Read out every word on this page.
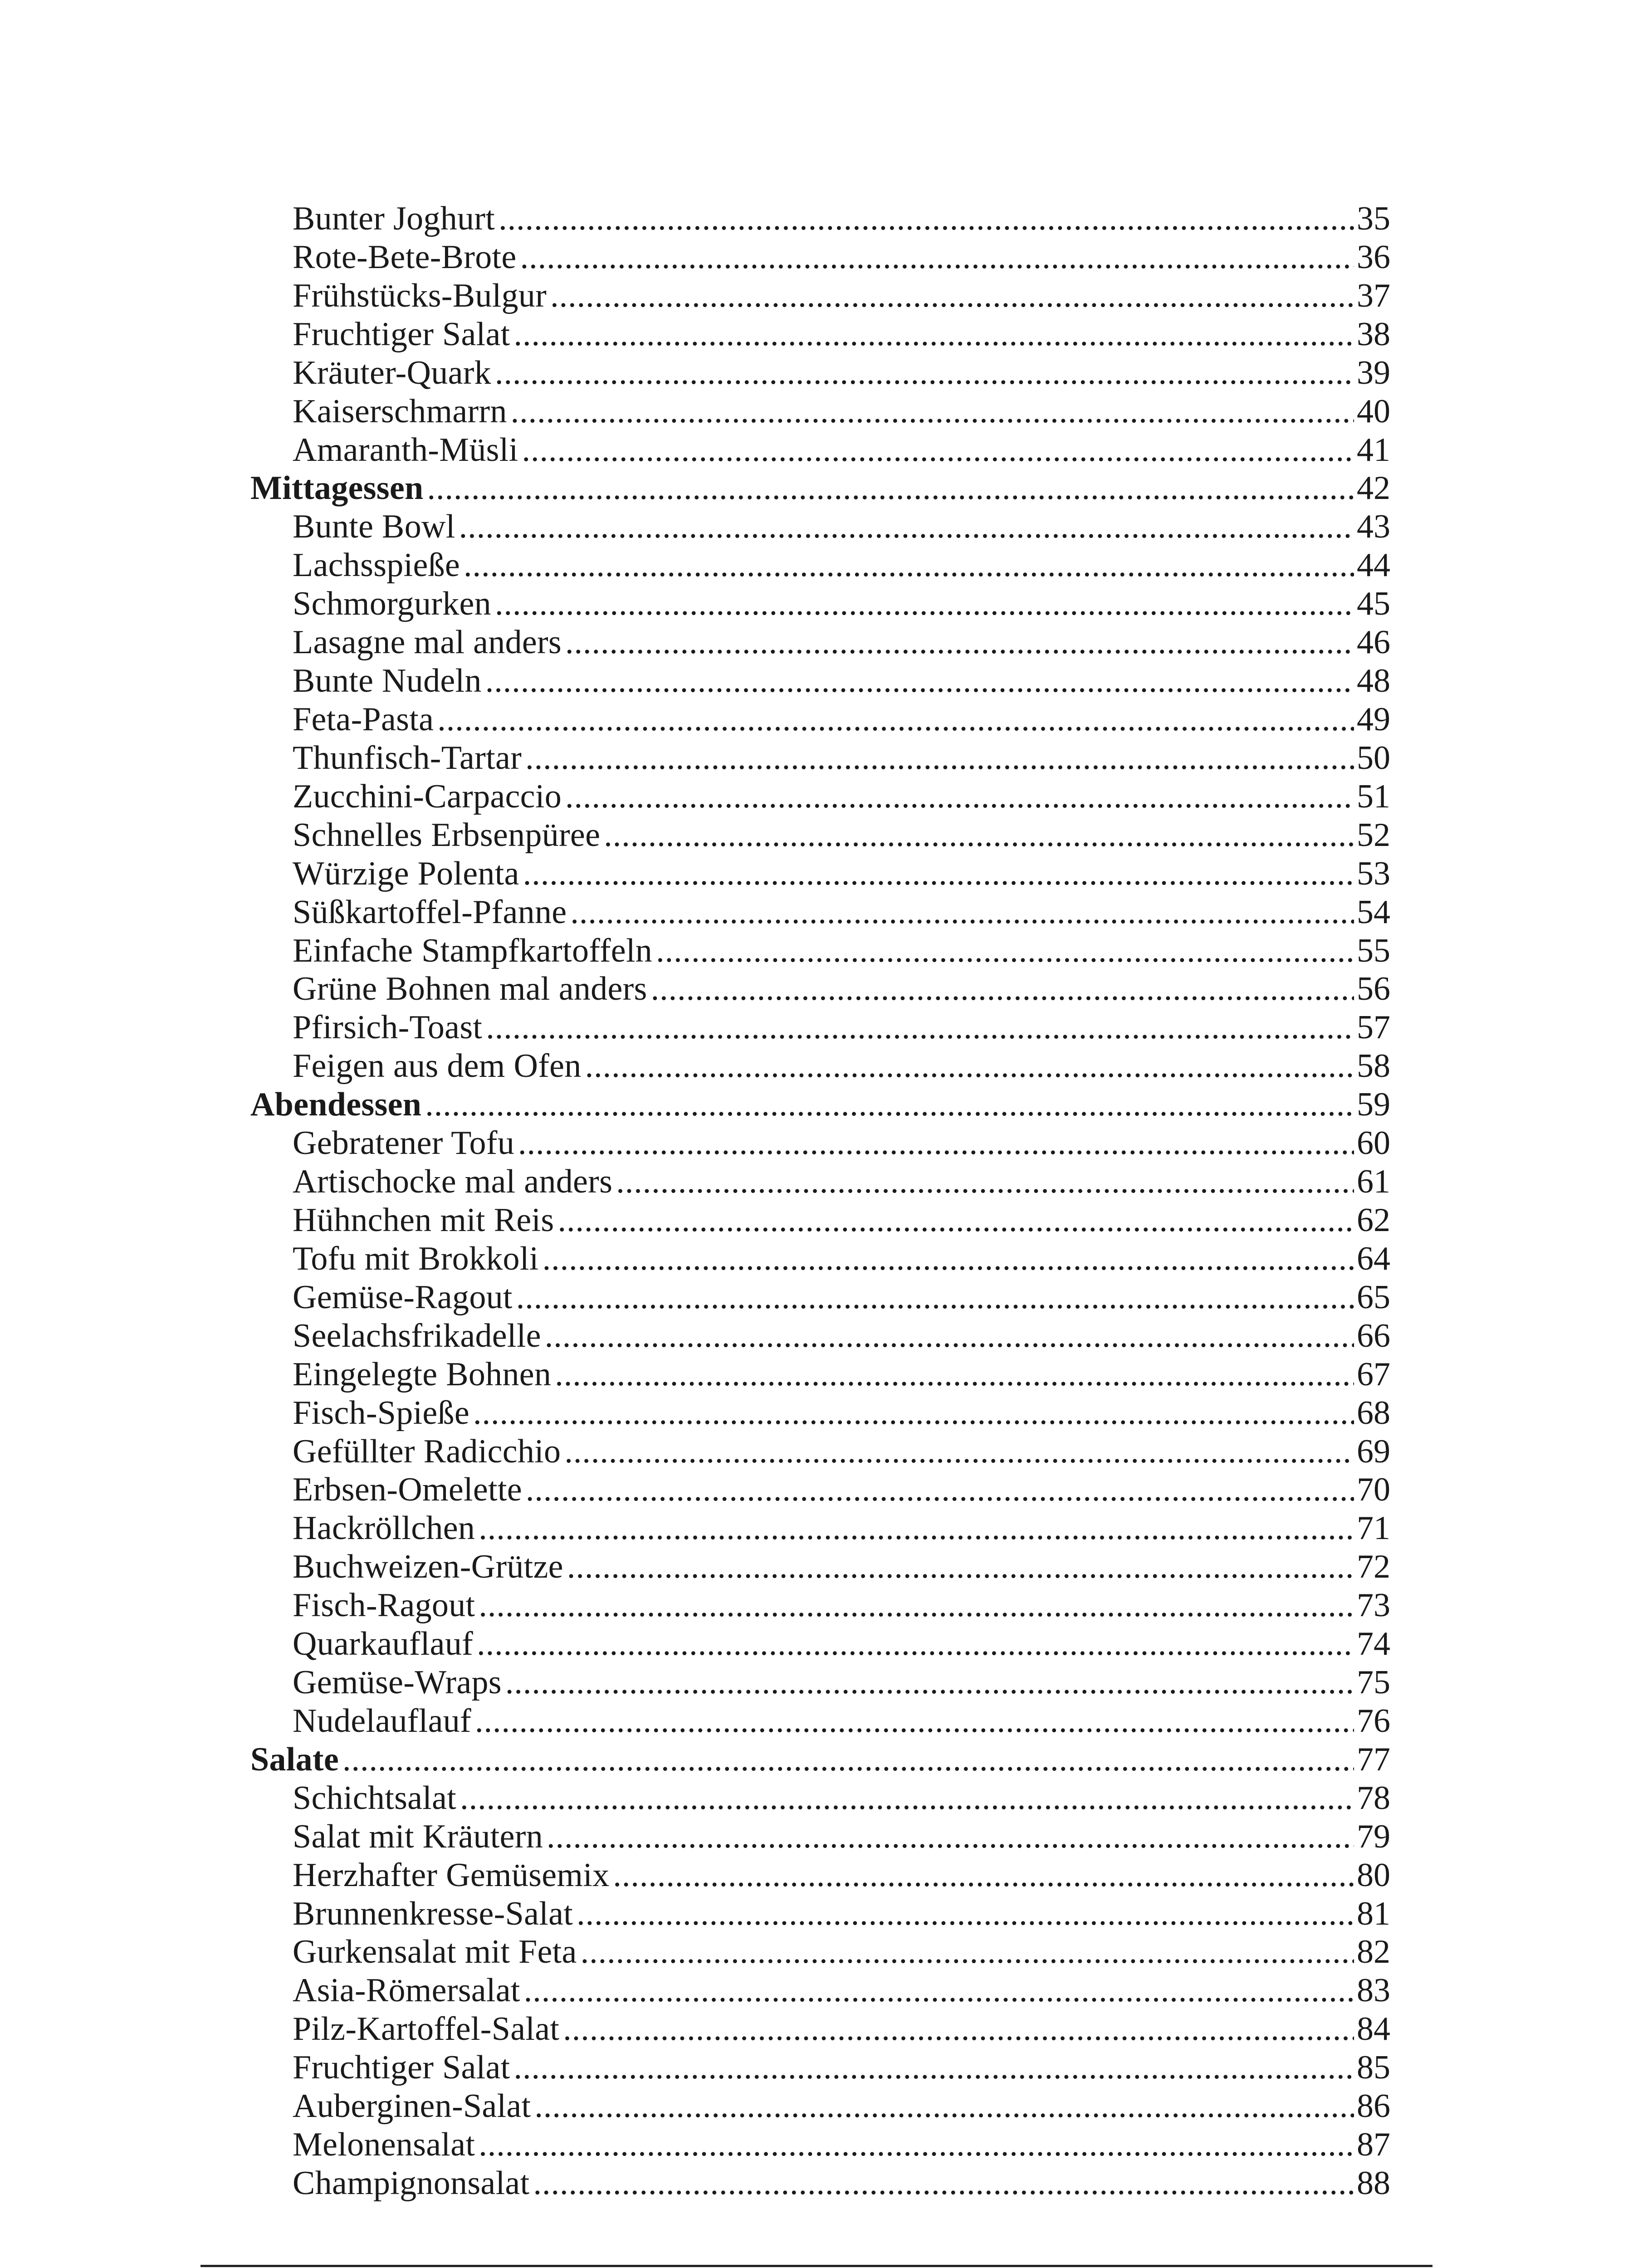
Bunter Joghurt .....	35
Rote-Bete-Brote .....	36
Frühstücks-Bulgur .....	37
Fruchtiger Salat .....	38
Kräuter-Quark .....	39
Kaiserschmarrn .....	40
Amaranth-Müsli .....	41
Mittagessen .....	42
Bunte Bowl .....	43
Lachsspieße .....	44
Schmorgurken .....	45
Lasagne mal anders .....	46
Bunte Nudeln .....	48
Feta-Pasta .....	49
Thunfisch-Tartar .....	50
Zucchini-Carpaccio .....	51
Schnelles Erbsenpüree .....	52
Würzige Polenta .....	53
Süßkartoffel-Pfanne .....	54
Einfache Stampfkartoffeln .....	55
Grüne Bohnen mal anders .....	56
Pfirsich-Toast .....	57
Feigen aus dem Ofen .....	58
Abendessen .....	59
Gebratener Tofu .....	60
Artischocke mal anders .....	61
Hühnchen mit Reis .....	62
Tofu mit Brokkoli .....	64
Gemüse-Ragout .....	65
Seelachsfrikadelle .....	66
Eingelegte Bohnen .....	67
Fisch-Spieße .....	68
Gefüllter Radicchio .....	69
Erbsen-Omelette .....	70
Hackröllchen .....	71
Buchweizen-Grütze .....	72
Fisch-Ragout .....	73
Quarkauflauf .....	74
Gemüse-Wraps .....	75
Nudelauflauf .....	76
Salate .....	77
Schichtsalat .....	78
Salat mit Kräutern .....	79
Herzhafter Gemüsemix .....	80
Brunnenkresse-Salat .....	81
Gurkensalat mit Feta .....	82
Asia-Römersalat .....	83
Pilz-Kartoffel-Salat .....	84
Fruchtiger Salat .....	85
Auberginen-Salat .....	86
Melonensalat .....	87
Champignonsalat .....	88
